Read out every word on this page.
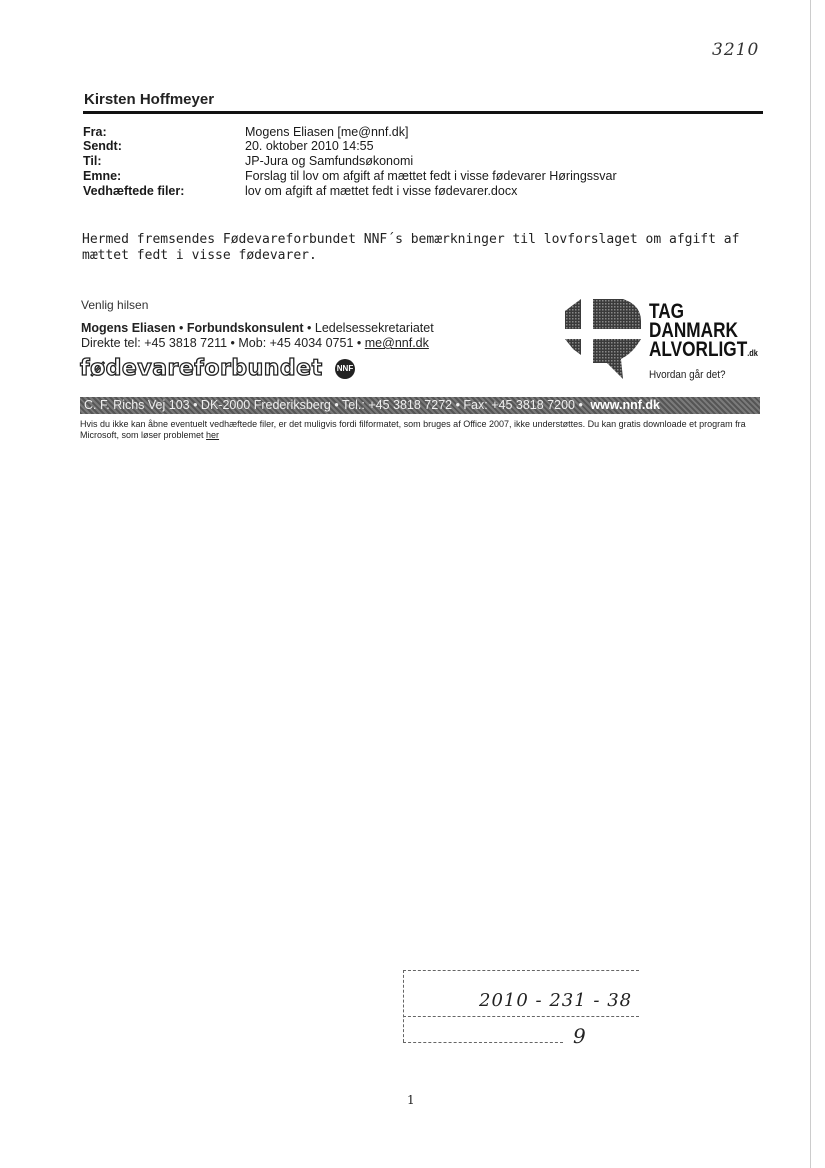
3210
Kirsten Hoffmeyer
Fra:	Mogens Eliasen [me@nnf.dk]
Sendt:	20. oktober 2010 14:55
Til:	JP-Jura og Samfundsøkonomi
Emne:	Forslag til lov om afgift af mættet fedt i visse fødevarer Høringssvar
Vedhæftede filer:	lov om afgift af mættet fedt i visse fødevarer.docx
Hermed fremsendes Fødevareforbundet NNF´s bemærkninger til lovforslaget om afgift af mættet fedt i visse fødevarer.
Venlig hilsen
Mogens Eliasen • Forbundskonsulent • Ledelsessekretariatet
Direkte tel: +45 3818 7211 • Mob: +45 4034 0751 • me@nnf.dk
fødevareforbundet NNF
TAG
DANMARK
ALVORLIGT.dk
Hvordan går det?
C. F. Richs Vej 103 • DK-2000 Frederiksberg • Tel.: +45 3818 7272 • Fax: +45 3818 7200 • www.nnf.dk
Hvis du ikke kan åbne eventuelt vedhæftede filer, er det muligvis fordi filformatet, som bruges af Office 2007, ikke understøttes. Du kan gratis downloade et program fra Microsoft, som løser problemet her
2010 - 231 - 38
9
1
